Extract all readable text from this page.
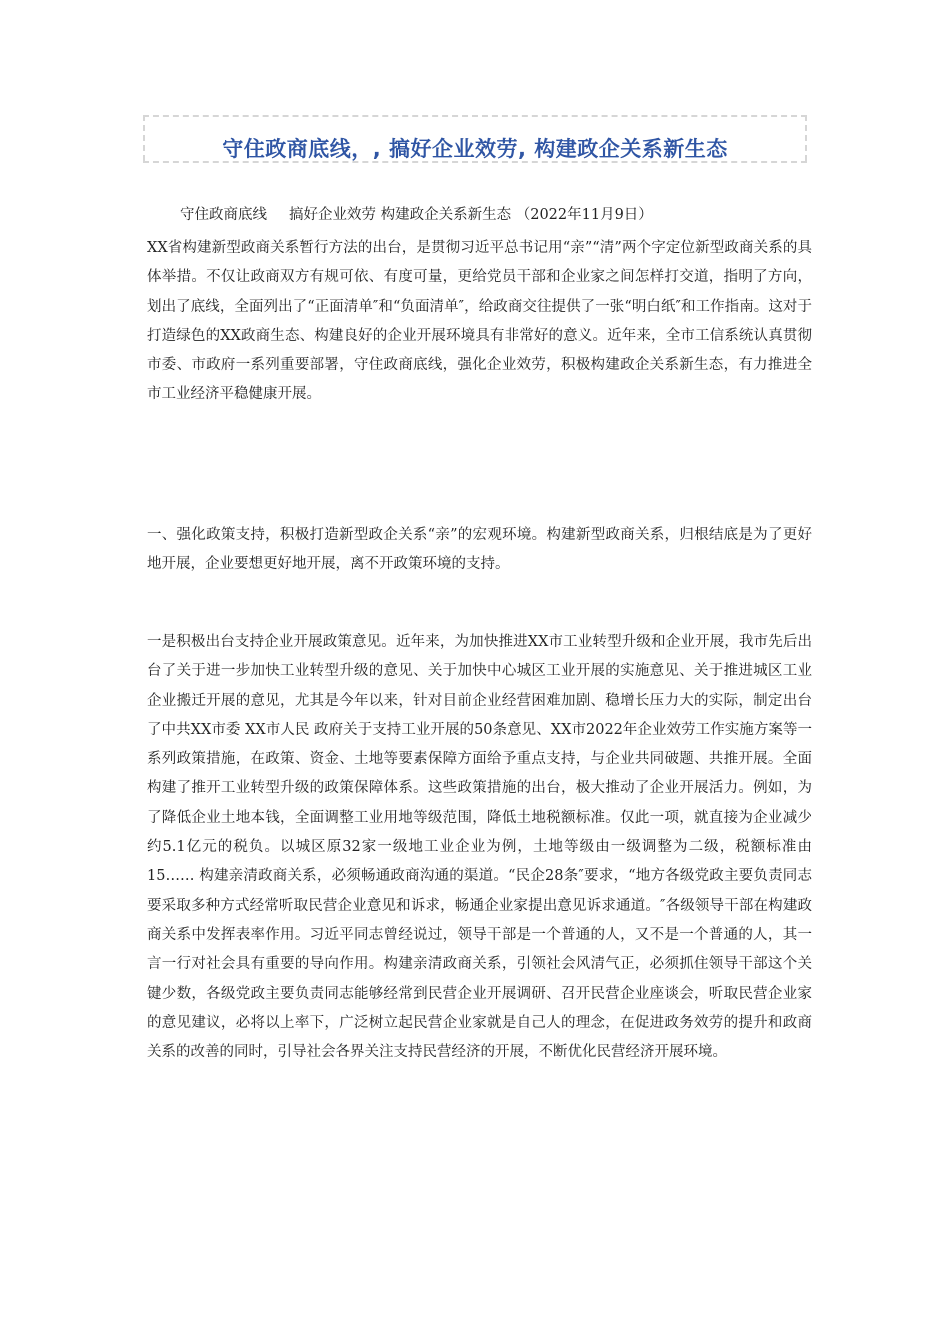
守住政商底线，, 搞好企业效劳, 构建政企关系新生态
守住政商底线 搞好企业效劳 构建政企关系新生态 （2022年11月9日）

XX省构建新型政商关系暂行方法的出台，是贯彻习近平总书记用“亲”“清”两个字定位新型政商关系的具体举措。不仅让政商双方有规可依、有度可量，更给党员干部和企业家之间怎样打交道，指明了方向，划出了底线，全面列出了“正面清单″和“负面清单″，给政商交往提供了一张“明白纸″和工作指南。这对于打造绿色的XX政商生态、构建良好的企业开展环境具有非常好的意义。近年来，全市工信系统认真贯彻市委、市政府一系列重要部署，守住政商底线，强化企业效劳，积极构建政企关系新生态，有力推进全市工业经济平稳健康开展。

一、强化政策支持，积极打造新型政企关系“亲”的宏观环境。构建新型政商关系，归根结底是为了更好地开展，企业要想更好地开展，离不开政策环境的支持。

一是积极出台支持企业开展政策意见。近年来，为加快推进XX市工业转型升级和企业开展，我市先后出台了关于进一步加快工业转型升级的意见、关于加快中心城区工业开展的实施意见、关于推进城区工业企业搬迁开展的意见，尤其是今年以来，针对目前企业经营困难加剧、稳增长压力大的实际，制定出台了中共XX市委 XX市人民 政府关于支持工业开展的50条意见、XX市2022年企业效劳工作实施方案等一系列政策措施，在政策、资金、土地等要素保障方面给予重点支持，与企业共同破题、共推开展。全面构建了推开工业转型升级的政策保障体系。这些政策措施的出台，极大推动了企业开展活力。例如，为了降低企业土地本钱，全面调整工业用地等级范围，降低土地税额标准。仅此一项，就直接为企业减少约5.1亿元的税负。以城区原32家一级地工业企业为例，土地等级由一级调整为二级，税额标准由15…… 构建亲清政商关系，必须畅通政商沟通的渠道。“民企28条″要求，“地方各级党政主要负责同志要采取多种方式经常听取民营企业意见和诉求，畅通企业家提出意见诉求通道。″各级领导干部在构建政商关系中发挥表率作用。习近平同志曾经说过，领导干部是一个普通的人，又不是一个普通的人，其一言一行对社会具有重要的导向作用。构建亲清政商关系，引领社会风清气正，必须抓住领导干部这个关键少数，各级党政主要负责同志能够经常到民营企业开展调研、召开民营企业座谈会，听取民营企业家的意见建议，必将以上率下，广泛树立起民营企业家就是自己人的理念，在促进政务效劳的提升和政商关系的改善的同时，引导社会各界关注支持民营经济的开展，不断优化民营经济开展环境。
